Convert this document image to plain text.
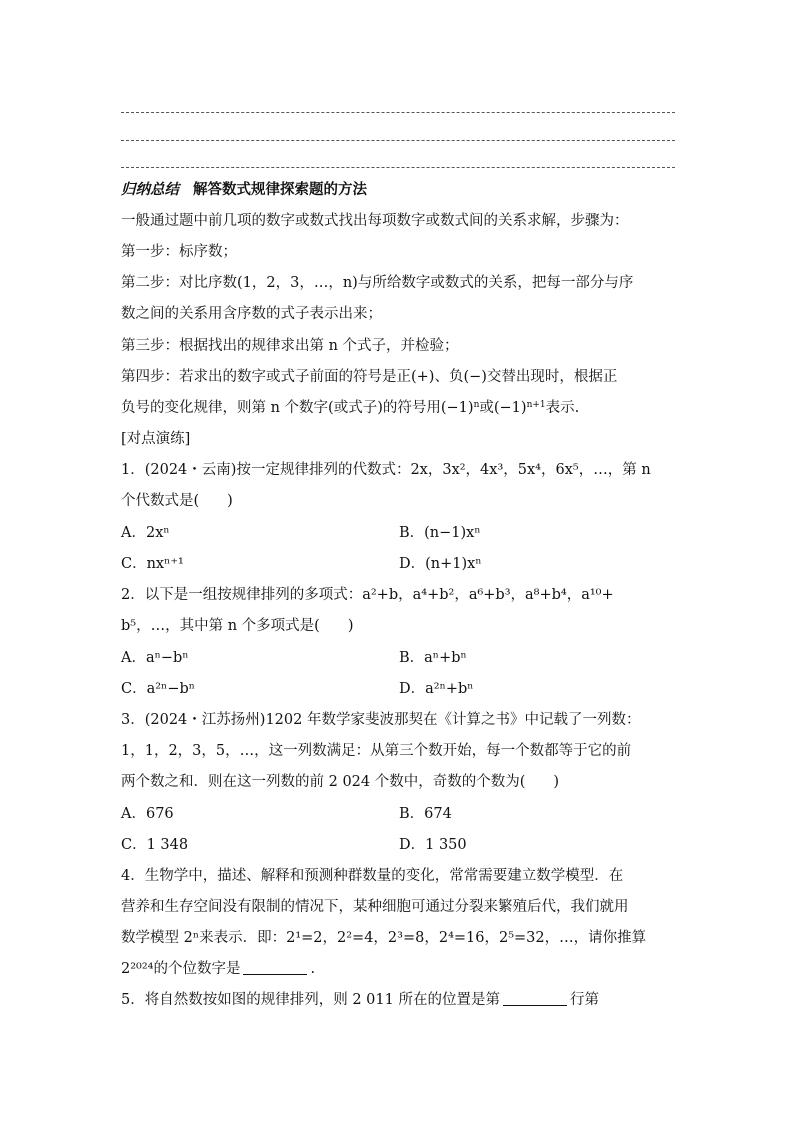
归纳总结 解答数式规律探索题的方法
一般通过题中前几项的数字或数式找出每项数字或数式间的关系求解，步骤为：
第一步：标序数；
第二步：对比序数(1，2，3，…，n)与所给数字或数式的关系，把每一部分与序
数之间的关系用含序数的式子表示出来；
第三步：根据找出的规律求出第 n 个式子，并检验；
第四步：若求出的数字或式子前面的符号是正(+)、负(−)交替出现时，根据正
负号的变化规律，则第 n 个数字(或式子)的符号用$(-1)^n$或$(-1)^{n+1}$表示.
[对点演练]
1．(2024・云南)按一定规律排列的代数式：2x，3x²，4x³，5x⁴，6x⁵，…，第 n
个代数式是( )
A．2xⁿ	B．(n−1)xⁿ
C．nxⁿ⁺¹	D．(n+1)xⁿ
2．以下是一组按规律排列的多项式：a²+b，a⁴+b²，a⁶+b³，a⁸+b⁴，a¹⁰+
b⁵，…，其中第 n 个多项式是( )
A．aⁿ−bⁿ	B．aⁿ+bⁿ
C．a²ⁿ−bⁿ	D．a²ⁿ+bⁿ
3．(2024・江苏扬州)1202 年数学家斐波那契在《计算之书》中记载了一列数：
1，1，2，3，5，…，这一列数满足：从第三个数开始，每一个数都等于它的前
两个数之和．则在这一列数的前 2 024 个数中，奇数的个数为( )
A．676	B．674
C．1 348	D．1 350
4．生物学中，描述、解释和预测种群数量的变化，常常需要建立数学模型．在
营养和生存空间没有限制的情况下，某种细胞可通过分裂来繁殖后代，我们就用
数学模型 2ⁿ来表示．即：2¹=2，2²=4，2³=8，2⁴=16，2⁵=32，…，请你推算
2²⁰²⁴的个位数字是	.
5．将自然数按如图的规律排列，则 2 011 所在的位置是第	行第
